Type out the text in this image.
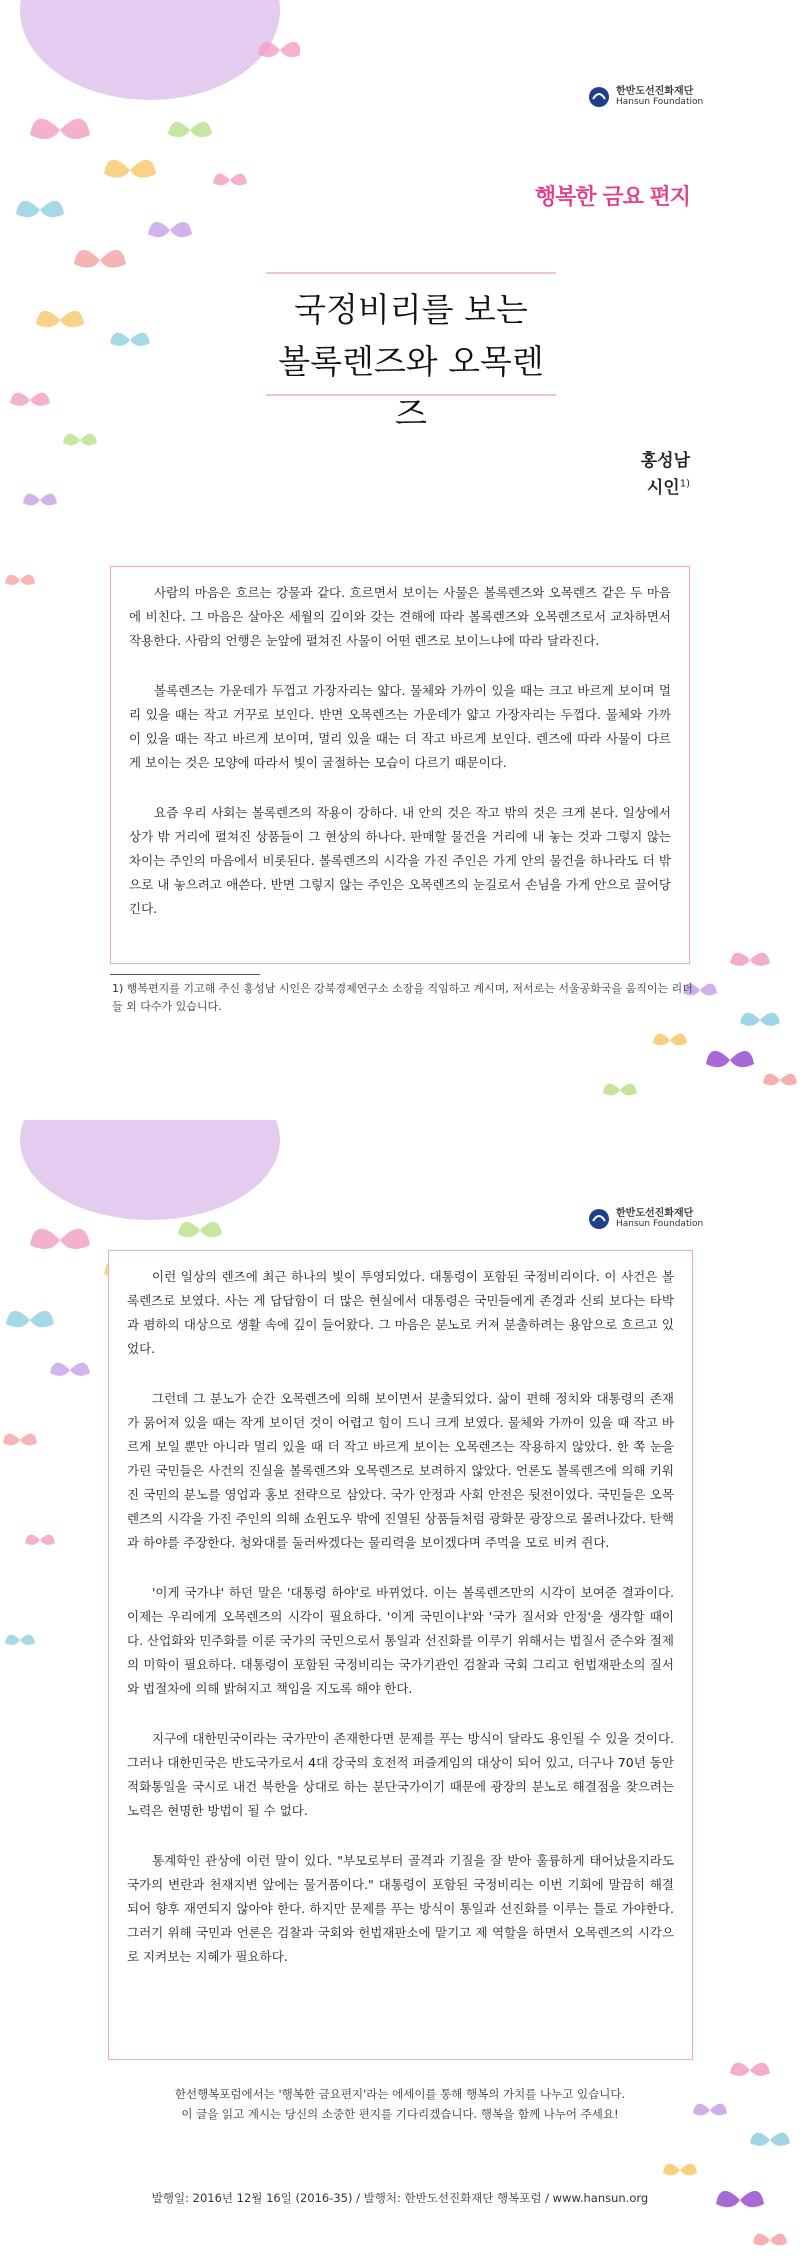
한반도선진화재단
Hansun Foundation
행복한 금요 편지
국정비리를 보는
볼록렌즈와 오목렌즈
홍성남
시인$^{1)}$

사람의 마음은 흐르는 강물과 같다. 흐르면서 보이는 사물은 볼록렌즈와 오목렌즈 같은 두 마음에 비친다. 그 마음은 살아온 세월의 깊이와 갖는 견해에 따라 볼록렌즈와 오목렌즈로서 교차하면서 작용한다. 사람의 언행은 눈앞에 펼쳐진 사물이 어떤 렌즈로 보이느냐에 따라 달라진다.

볼록렌즈는 가운데가 두껍고 가장자리는 얇다. 물체와 가까이 있을 때는 크고 바르게 보이며 멀리 있을 때는 작고 거꾸로 보인다. 반면 오목렌즈는 가운데가 얇고 가장자리는 두껍다. 물체와 가까이 있을 때는 작고 바르게 보이며, 멀리 있을 때는 더 작고 바르게 보인다. 렌즈에 따라 사물이 다르게 보이는 것은 모양에 따라서 빛이 굴절하는 모습이 다르기 때문이다.

요즘 우리 사회는 볼록렌즈의 작용이 강하다. 내 안의 것은 작고 밖의 것은 크게 본다. 일상에서 상가 밖 거리에 펼쳐진 상품들이 그 현상의 하나다. 판매할 물건을 거리에 내 놓는 것과 그렇지 않는 차이는 주인의 마음에서 비롯된다. 볼록렌즈의 시각을 가진 주인은 가게 안의 물건을 하나라도 더 밖으로 내 놓으려고 애쓴다. 반면 그렇지 않는 주인은 오목렌즈의 눈길로서 손님을 가게 안으로 끌어당긴다.

1) 행복편지를 기고해 주신 홍성남 시인은 강북경제연구소 소장을 직임하고 계시며, 저서로는 서울공화국을 움직이는 리더들 외 다수가 있습니다.
한반도선진화재단
Hansun Foundation

이런 일상의 렌즈에 최근 하나의 빛이 투영되었다. 대통령이 포함된 국정비리이다. 이 사건은 볼록렌즈로 보였다. 사는 게 답답함이 더 많은 현실에서 대통령은 국민들에게 존경과 신뢰 보다는 타박과 폄하의 대상으로 생활 속에 깊이 들어왔다. 그 마음은 분노로 커져 분출하려는 용암으로 흐르고 있었다.

그런데 그 분노가 순간 오목렌즈에 의해 보이면서 분출되었다. 삶이 편해 정치와 대통령의 존재가 묽어져 있을 때는 작게 보이던 것이 어렵고 힘이 드니 크게 보였다. 물체와 가까이 있을 때 작고 바르게 보일 뿐만 아니라 멀리 있을 때 더 작고 바르게 보이는 오목렌즈는 작용하지 않았다. 한 쪽 눈을 가린 국민들은 사건의 진실을 볼록렌즈와 오목렌즈로 보려하지 않았다. 언론도 볼록렌즈에 의해 키워진 국민의 분노를 영업과 홍보 전략으로 삼았다. 국가 안정과 사회 안전은 뒷전이었다. 국민들은 오목렌즈의 시각을 가진 주인의 의해 쇼윈도우 밖에 진열된 상품들처럼 광화문 광장으로 몰려나갔다. 탄핵과 하야를 주장한다. 청와대를 둘러싸겠다는 물리력을 보이겠다며 주먹을 모로 비켜 쥔다.

'이게 국가냐' 하던 말은 '대통령 하야'로 바뀌었다. 이는 볼록렌즈만의 시각이 보여준 결과이다. 이제는 우리에게 오목렌즈의 시각이 필요하다. '이게 국민이냐'와 '국가 질서와 안정'을 생각할 때이다. 산업화와 민주화를 이룬 국가의 국민으로서 통일과 선진화를 이루기 위해서는 법질서 준수와 절제의 미학이 필요하다. 대통령이 포함된 국정비리는 국가기관인 검찰과 국회 그리고 헌법재판소의 질서와 법절차에 의해 밝혀지고 책임을 지도록 해야 한다.

지구에 대한민국이라는 국가만이 존재한다면 문제를 푸는 방식이 달라도 용인될 수 있을 것이다. 그러나 대한민국은 반도국가로서 4대 강국의 호전적 퍼즐게임의 대상이 되어 있고, 더구나 70년 동안 적화통일을 국시로 내건 북한을 상대로 하는 분단국가이기 때문에 광장의 분노로 해결점을 찾으려는 노력은 현명한 방법이 될 수 없다.

통계학인 관상에 이런 말이 있다. "부모로부터 골격과 기질을 잘 받아 훌륭하게 태어났을지라도 국가의 변란과 천재지변 앞에는 물거품이다." 대통령이 포함된 국정비리는 이번 기회에 말끔히 해결되어 향후 재연되지 않아야 한다. 하지만 문제를 푸는 방식이 통일과 선진화를 이루는 틀로 가야한다. 그러기 위해 국민과 언론은 검찰과 국회와 헌법재판소에 맡기고 제 역할을 하면서 오목렌즈의 시각으로 지켜보는 지혜가 필요하다.

한선행복포럼에서는 '행복한 금요편지'라는 에세이를 통해 행복의 가치를 나누고 있습니다.
이 글을 읽고 계시는 당신의 소중한 편지를 기다리겠습니다. 행복을 함께 나누어 주세요!
발행일: 2016년 12월 16일 (2016-35) / 발행처: 한반도선진화재단 행복포럼 / www.hansun.org
